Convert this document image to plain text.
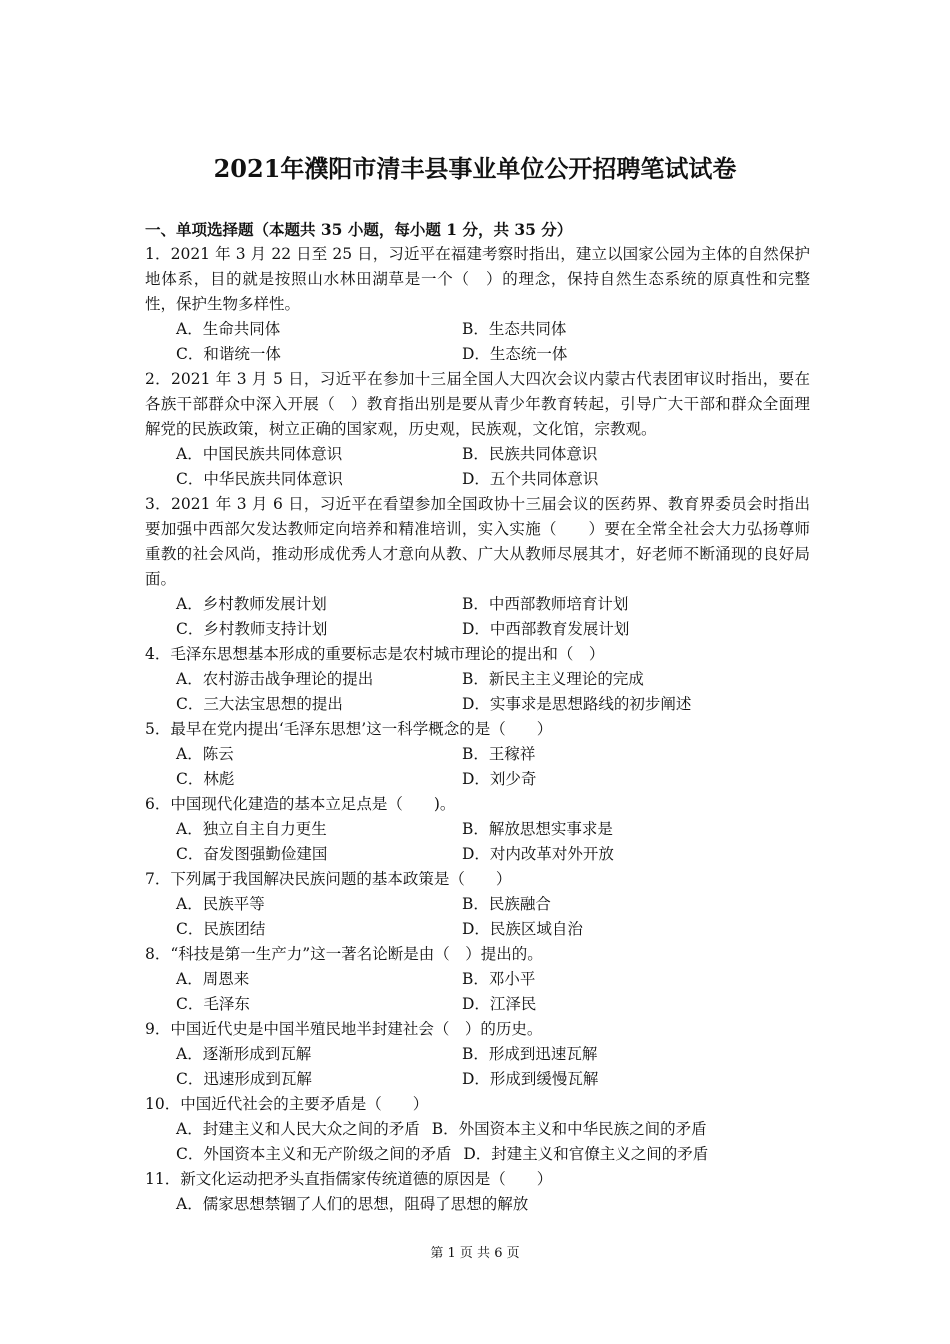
2021年濮阳市清丰县事业单位公开招聘笔试试卷
一、单项选择题（本题共 35 小题，每小题 1 分，共 35 分）
1．2021 年 3 月 22 日至 25 日，习近平在福建考察时指出，建立以国家公园为主体的自然保护地体系，目的就是按照山水林田湖草是一个（　）的理念，保持自然生态系统的原真性和完整性，保护生物多样性。
A．生命共同体	B．生态共同体
C．和谐统一体	D．生态统一体
2．2021 年 3 月 5 日，习近平在参加十三届全国人大四次会议内蒙古代表团审议时指出，要在各族干部群众中深入开展（　）教育指出别是要从青少年教育转起，引导广大干部和群众全面理解党的民族政策，树立正确的国家观，历史观，民族观，文化馆，宗教观。
A．中国民族共同体意识	B．民族共同体意识
C．中华民族共同体意识	D．五个共同体意识
3．2021 年 3 月 6 日，习近平在看望参加全国政协十三届会议的医药界、教育界委员会时指出要加强中西部欠发达教师定向培养和精准培训，实入实施（　　）要在全常全社会大力弘扬尊师重教的社会风尚，推动形成优秀人才意向从教、广大从教师尽展其才，好老师不断涌现的良好局面。
A．乡村教师发展计划	B．中西部教师培育计划
C．乡村教师支持计划	D．中西部教育发展计划
4．毛泽东思想基本形成的重要标志是农村城市理论的提出和（　）
A．农村游击战争理论的提出	B．新民主主义理论的完成
C．三大法宝思想的提出	D．实事求是思想路线的初步阐述
5．最早在党内提出‘毛泽东思想’这一科学概念的是（　　）
A．陈云	B．王稼祥
C．林彪	D．刘少奇
6．中国现代化建造的基本立足点是（　　)。
A．独立自主自力更生	B．解放思想实事求是
C．奋发图强勤俭建国	D．对内改革对外开放
7．下列属于我国解决民族问题的基本政策是（　　）
A．民族平等	B．民族融合
C．民族团结	D．民族区域自治
8．“科技是第一生产力”这一著名论断是由（　）提出的。
A．周恩来	B．邓小平
C．毛泽东	D．江泽民
9．中国近代史是中国半殖民地半封建社会（　）的历史。
A．逐渐形成到瓦解	B．形成到迅速瓦解
C．迅速形成到瓦解	D．形成到缓慢瓦解
10．中国近代社会的主要矛盾是（　　）
A．封建主义和人民大众之间的矛盾 B．外国资本主义和中华民族之间的矛盾
C．外国资本主义和无产阶级之间的矛盾 D．封建主义和官僚主义之间的矛盾
11．新文化运动把矛头直指儒家传统道德的原因是（　　）
A．儒家思想禁锢了人们的思想，阻碍了思想的解放
第 1 页 共 6 页
